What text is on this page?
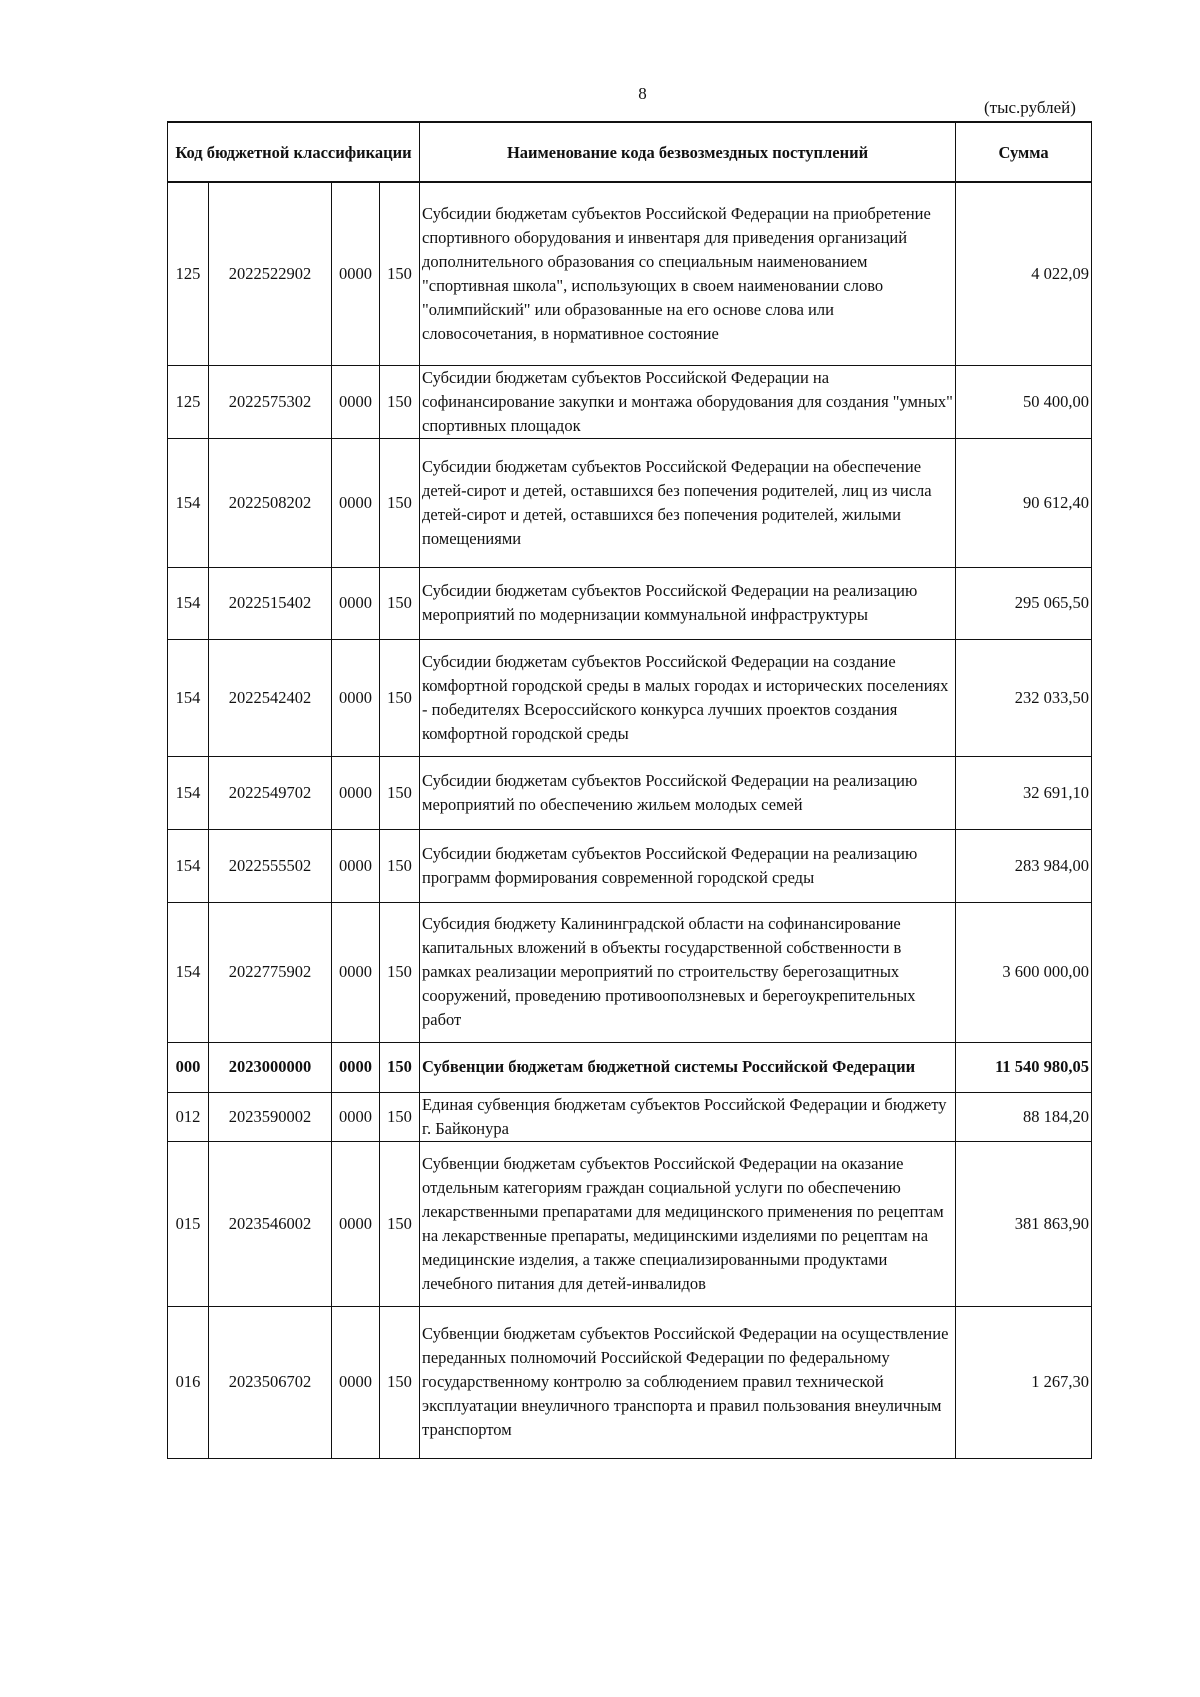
8
(тыс.рублей)
Код бюджетной классификации				Наименование кода безвозмездных поступлений	Сумма
125	2022522902	0000	150	Субсидии бюджетам субъектов Российской Федерации на приобретение спортивного оборудования и инвентаря для приведения организаций дополнительного образования со специальным наименованием "спортивная школа", использующих в своем наименовании слово "олимпийский" или образованные на его основе слова или словосочетания, в нормативное состояние	4 022,09
125	2022575302	0000	150	Субсидии бюджетам субъектов Российской Федерации на софинансирование закупки и монтажа оборудования для создания "умных" спортивных площадок	50 400,00
154	2022508202	0000	150	Субсидии бюджетам субъектов Российской Федерации на обеспечение детей-сирот и детей, оставшихся без попечения родителей, лиц из числа детей-сирот и детей, оставшихся без попечения родителей, жилыми помещениями	90 612,40
154	2022515402	0000	150	Субсидии бюджетам субъектов Российской Федерации на реализацию мероприятий по модернизации коммунальной инфраструктуры	295 065,50
154	2022542402	0000	150	Субсидии бюджетам субъектов Российской Федерации на создание комфортной городской среды в малых городах и исторических поселениях - победителях Всероссийского конкурса лучших проектов создания комфортной городской среды	232 033,50
154	2022549702	0000	150	Субсидии бюджетам субъектов Российской Федерации на реализацию мероприятий по обеспечению жильем молодых семей	32 691,10
154	2022555502	0000	150	Субсидии бюджетам субъектов Российской Федерации на реализацию программ формирования современной городской среды	283 984,00
154	2022775902	0000	150	Субсидия бюджету Калининградской области на софинансирование капитальных вложений в объекты государственной собственности в рамках реализации мероприятий по строительству берегозащитных сооружений, проведению противооползневых и берегоукрепительных работ	3 600 000,00
000	2023000000	0000	150	Субвенции бюджетам бюджетной системы Российской Федерации	11 540 980,05
012	2023590002	0000	150	Единая субвенция бюджетам субъектов Российской Федерации и бюджету г. Байконура	88 184,20
015	2023546002	0000	150	Субвенции бюджетам субъектов Российской Федерации на оказание отдельным категориям граждан социальной услуги по обеспечению лекарственными препаратами для медицинского применения по рецептам на лекарственные препараты, медицинскими изделиями по рецептам на медицинские изделия, а также специализированными продуктами лечебного питания для детей-инвалидов	381 863,90
016	2023506702	0000	150	Субвенции бюджетам субъектов Российской Федерации на осуществление переданных полномочий Российской Федерации по федеральному государственному контролю за соблюдением правил технической эксплуатации внеуличного транспорта и правил пользования внеуличным транспортом	1 267,30
